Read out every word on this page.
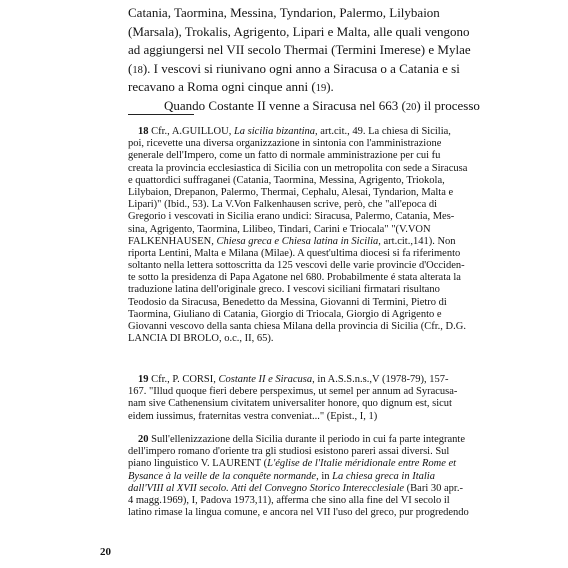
Catania, Taormina, Messina, Tyndarion, Palermo, Lilybaion
(Marsala), Trokalis, Agrigento, Lipari e Malta, alle quali vengono
ad aggiungersi nel VII secolo Thermai (Termini Imerese) e Mylae
(18). I vescovi si riunivano ogni anno a Siracusa o a Catania e si
recavano a Roma ogni cinque anni (19).
Quando Costante II venne a Siracusa nel 663 (20) il processo
18 Cfr., A.GUILLOU, La sicilia bizantina, art.cit., 49. La chiesa di Sicilia,
poi, ricevette una diversa organizzazione in sintonia con l'amministrazione
generale dell'Impero, come un fatto di normale amministrazione per cui fu
creata la provincia ecclesiastica di Sicilia con un metropolita con sede a Siracusa
e quattordici suffraganei (Catania, Taormina, Messina, Agrigento, Triokola,
Lilybaion, Drepanon, Palermo, Thermai, Cephalu, Alesai, Tyndarion, Malta e
Lipari)" (Ibid., 53). La V.Von Falkenhausen scrive, però, che "all'epoca di
Gregorio i vescovati in Sicilia erano undici: Siracusa, Palermo, Catania, Mes-
sina, Agrigento, Taormina, Lilibeo, Tindari, Carini e Triocala" "(V.VON
FALKENHAUSEN, Chiesa greca e Chiesa latina in Sicilia, art.cit.,141). Non
riporta Lentini, Malta e Milana (Milae). A quest'ultima diocesi si fa riferimento
soltanto nella lettera sottoscritta da 125 vescovi delle varie provincie d'Occiden-
te sotto la presidenza di Papa Agatone nel 680. Probabilmente é stata alterata la
traduzione latina dell'originale greco. I vescovi siciliani firmatari risultano
Teodosio da Siracusa, Benedetto da Messina, Giovanni di Termini, Pietro di
Taormina, Giuliano di Catania, Giorgio di Triocala, Giorgio di Agrigento e
Giovanni vescovo della santa chiesa Milana della provincia di Sicilia (Cfr., D.G.
LANCIA DI BROLO, o.c., II, 65).
19 Cfr., P. CORSI, Costante II e Siracusa, in A.S.S.n.s.,V (1978-79), 157-
167. "Illud quoque fieri debere perspeximus, ut semel per annum ad Syracusa-
nam sive Cathenensium civitatem universaliter honore, quo dignum est, sicut
eidem iussimus, fraternitas vestra conveniat..." (Epist., I, 1)
20 Sull'ellenizzazione della Sicilia durante il periodo in cui fa parte integrante
dell'impero romano d'oriente tra gli studiosi esistono pareri assai diversi. Sul
piano linguistico V. LAURENT (L'église de l'Italie méridionale entre Rome et
Bysance à la veille de la conquête normande, in La chiesa greca in Italia
dall'VIII al XVII secolo. Atti del Convegno Storico Interecclesiale (Bari 30 apr.-
4 magg.1969), I, Padova 1973,11), afferma che sino alla fine del VI secolo il
latino rimase la lingua comune, e ancora nel VII l'uso del greco, pur progredendo
20
